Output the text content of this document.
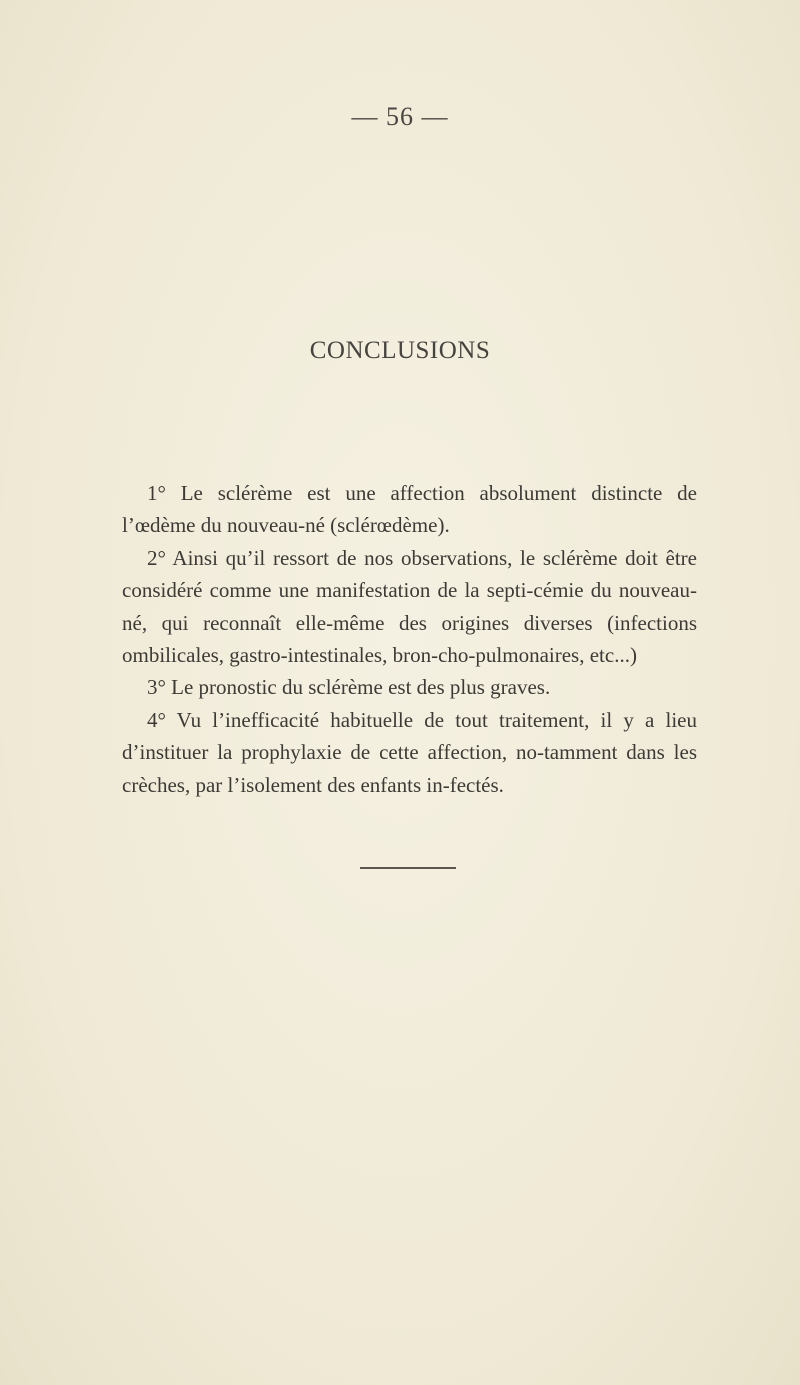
— 56 —
CONCLUSIONS

1° Le sclérème est une affection absolument distincte de l’œdème du nouveau-né (sclérœdème).

2° Ainsi qu’il ressort de nos observations, le sclérème doit être considéré comme une manifestation de la septi-cémie du nouveau-né, qui reconnaît elle-même des origines diverses (infections ombilicales, gastro-intestinales, bron-cho-pulmonaires, etc...)

3° Le pronostic du sclérème est des plus graves.

4° Vu l’inefficacité habituelle de tout traitement, il y a lieu d’instituer la prophylaxie de cette affection, no-tamment dans les crèches, par l’isolement des enfants in-fectés.
